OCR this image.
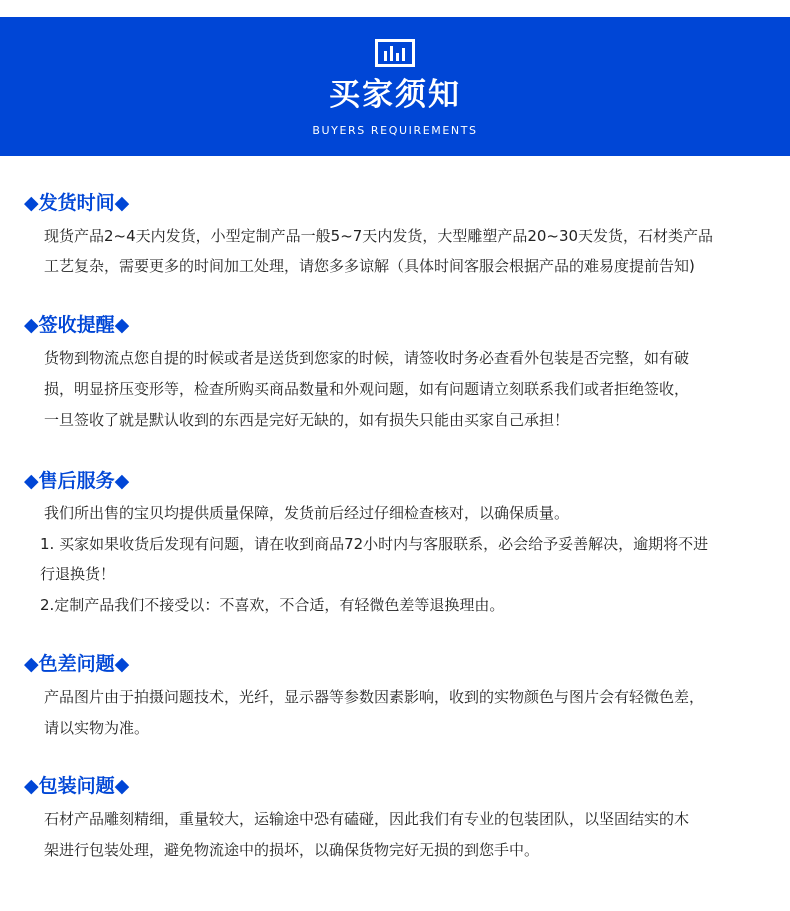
买家须知
BUYERS REQUIREMENTS
◆发货时间◆
现货产品2~4天内发货，小型定制产品一般5~7天内发货，大型雕塑产品20~30天发货，石材类产品
工艺复杂，需要更多的时间加工处理，请您多多谅解（具体时间客服会根据产品的难易度提前告知)
◆签收提醒◆
货物到物流点您自提的时候或者是送货到您家的时候，请签收时务必查看外包装是否完整，如有破
损，明显挤压变形等，检查所购买商品数量和外观问题，如有问题请立刻联系我们或者拒绝签收，
一旦签收了就是默认收到的东西是完好无缺的，如有损失只能由买家自己承担！
◆售后服务◆
我们所出售的宝贝均提供质量保障，发货前后经过仔细检查核对，以确保质量。
1. 买家如果收货后发现有问题，请在收到商品72小时内与客服联系，必会给予妥善解决，逾期将不进
行退换货！
2.定制产品我们不接受以：不喜欢，不合适，有轻微色差等退换理由。
◆色差问题◆
产品图片由于拍摄问题技术，光纤，显示器等参数因素影响，收到的实物颜色与图片会有轻微色差，
请以实物为准。
◆包装问题◆
石材产品雕刻精细，重量较大，运输途中恐有磕碰，因此我们有专业的包装团队，以坚固结实的木
架进行包装处理，避免物流途中的损坏，以确保货物完好无损的到您手中。
